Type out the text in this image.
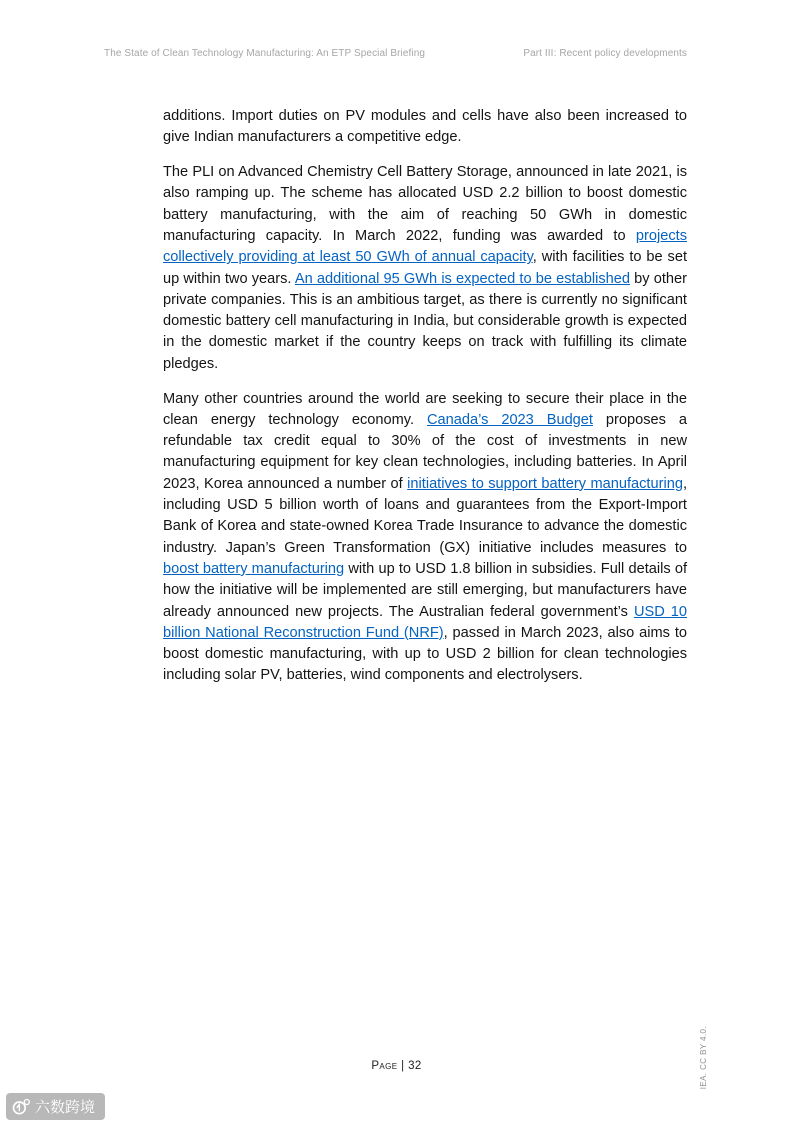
The State of Clean Technology Manufacturing: An ETP Special Briefing	Part III: Recent policy developments

additions. Import duties on PV modules and cells have also been increased to give Indian manufacturers a competitive edge.

The PLI on Advanced Chemistry Cell Battery Storage, announced in late 2021, is also ramping up. The scheme has allocated USD 2.2 billion to boost domestic battery manufacturing, with the aim of reaching 50 GWh in domestic manufacturing capacity. In March 2022, funding was awarded to projects collectively providing at least 50 GWh of annual capacity, with facilities to be set up within two years. An additional 95 GWh is expected to be established by other private companies. This is an ambitious target, as there is currently no significant domestic battery cell manufacturing in India, but considerable growth is expected in the domestic market if the country keeps on track with fulfilling its climate pledges.

Many other countries around the world are seeking to secure their place in the clean energy technology economy. Canada’s 2023 Budget proposes a refundable tax credit equal to 30% of the cost of investments in new manufacturing equipment for key clean technologies, including batteries. In April 2023, Korea announced a number of initiatives to support battery manufacturing, including USD 5 billion worth of loans and guarantees from the Export-Import Bank of Korea and state-owned Korea Trade Insurance to advance the domestic industry. Japan’s Green Transformation (GX) initiative includes measures to boost battery manufacturing with up to USD 1.8 billion in subsidies. Full details of how the initiative will be implemented are still emerging, but manufacturers have already announced new projects. The Australian federal government’s USD 10 billion National Reconstruction Fund (NRF), passed in March 2023, also aims to boost domestic manufacturing, with up to USD 2 billion for clean technologies including solar PV, batteries, wind components and electrolysers.

Page | 32	IEA. CC BY 4.0.
六数跨境
